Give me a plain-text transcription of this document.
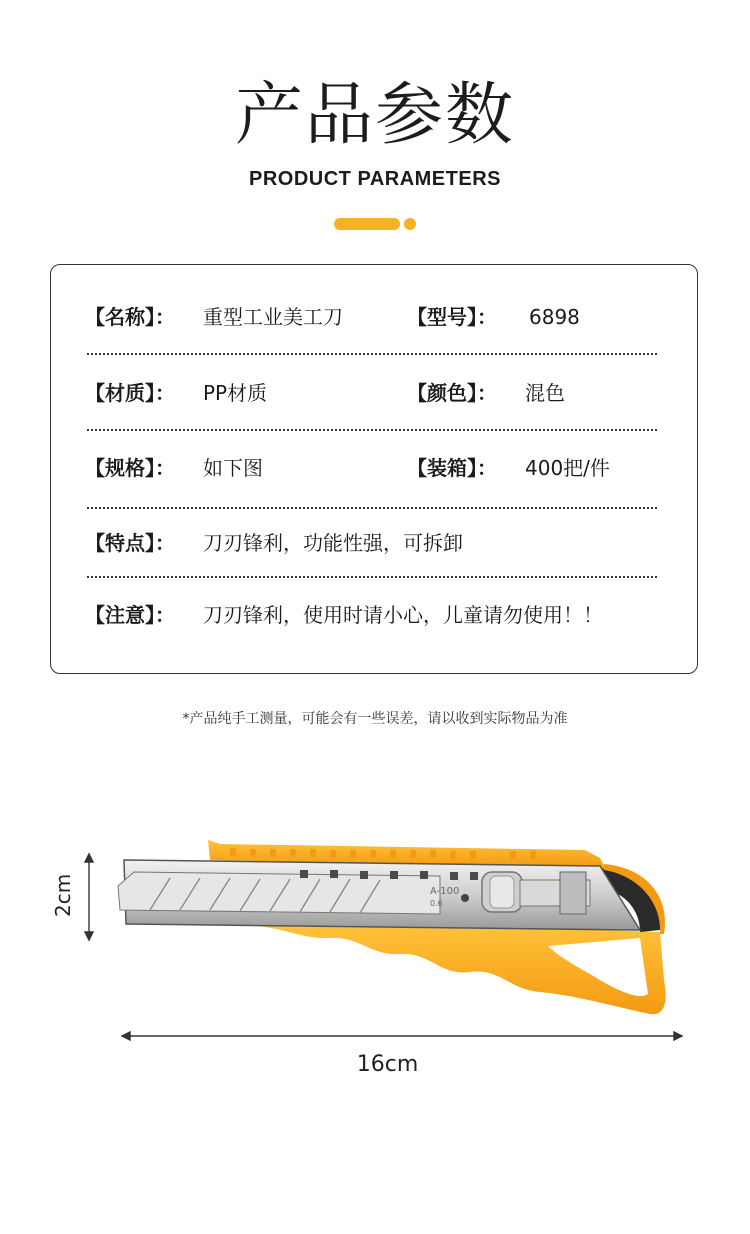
产品参数
PRODUCT PARAMETERS
【名称】： 重型工业美工刀	【型号】： 6898
【材质】： PP材质	【颜色】： 混色
【规格】： 如下图	【装箱】： 400把/件
【特点】： 刀刃锋利，功能性强，可拆卸
【注意】： 刀刃锋利，使用时请小心，儿童请勿使用！！
*产品纯手工测量，可能会有一些误差，请以收到实际物品为准
A-100
0.6
2cm
16cm
